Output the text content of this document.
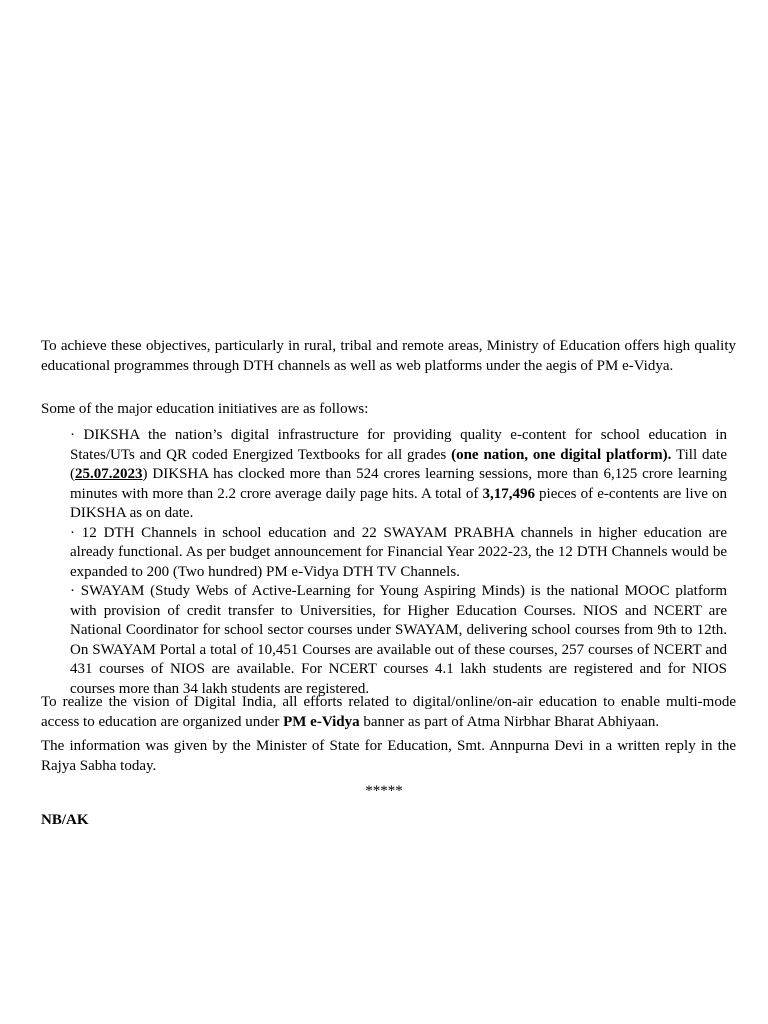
To achieve these objectives, particularly in rural, tribal and remote areas, Ministry of Education offers high quality educational programmes through DTH channels as well as web platforms under the aegis of PM e-Vidya.

Some of the major education initiatives are as follows:

· DIKSHA the nation’s digital infrastructure for providing quality e-content for school education in States/UTs and QR coded Energized Textbooks for all grades (one nation, one digital platform). Till date (25.07.2023) DIKSHA has clocked more than 524 crores learning sessions, more than 6,125 crore learning minutes with more than 2.2 crore average daily page hits. A total of 3,17,496 pieces of e-contents are live on DIKSHA as on date.

· 12 DTH Channels in school education and 22 SWAYAM PRABHA channels in higher education are already functional. As per budget announcement for Financial Year 2022-23, the 12 DTH Channels would be expanded to 200 (Two hundred) PM e-Vidya DTH TV Channels.

· SWAYAM (Study Webs of Active-Learning for Young Aspiring Minds) is the national MOOC platform with provision of credit transfer to Universities, for Higher Education Courses. NIOS and NCERT are National Coordinator for school sector courses under SWAYAM, delivering school courses from 9th to 12th. On SWAYAM Portal a total of 10,451 Courses are available out of these courses, 257 courses of NCERT and 431 courses of NIOS are available. For NCERT courses 4.1 lakh students are registered and for NIOS courses more than 34 lakh students are registered.

To realize the vision of Digital India, all efforts related to digital/online/on-air education to enable multi-mode access to education are organized under PM e-Vidya banner as part of Atma Nirbhar Bharat Abhiyaan.

The information was given by the Minister of State for Education, Smt. Annpurna Devi in a written reply in the Rajya Sabha today.

*****

NB/AK
